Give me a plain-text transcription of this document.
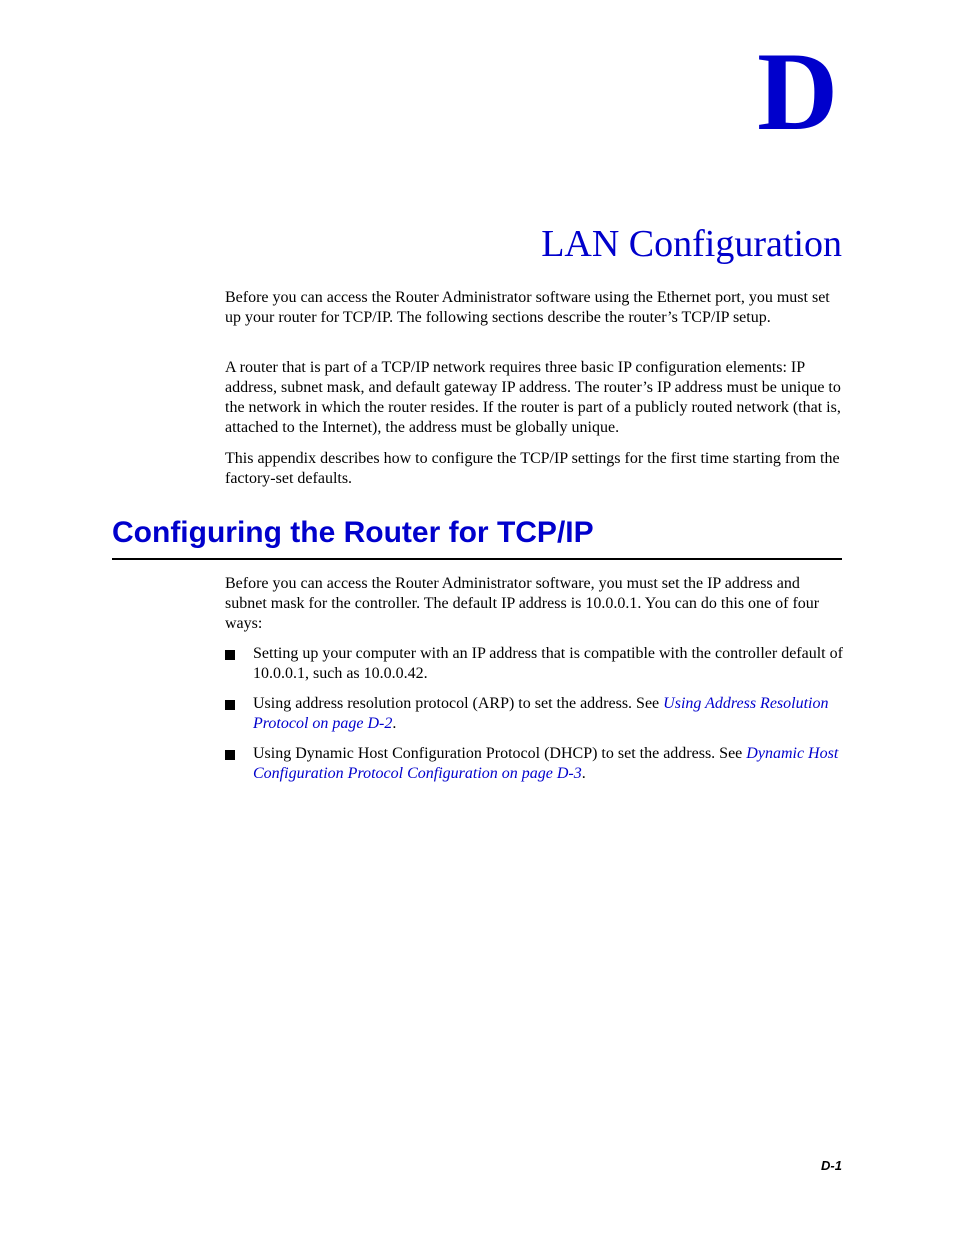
D
LAN Configuration

Before you can access the Router Administrator software using the Ethernet port, you must set up your router for TCP/IP. The following sections describe the router’s TCP/IP setup.

A router that is part of a TCP/IP network requires three basic IP configuration elements: IP address, subnet mask, and default gateway IP address. The router’s IP address must be unique to the network in which the router resides. If the router is part of a publicly routed network (that is, attached to the Internet), the address must be globally unique.

This appendix describes how to configure the TCP/IP settings for the first time starting from the factory-set defaults.

Configuring the Router for TCP/IP

Before you can access the Router Administrator software, you must set the IP address and subnet mask for the controller. The default IP address is 10.0.0.1. You can do this one of four ways:

Setting up your computer with an IP address that is compatible with the controller default of 10.0.0.1, such as 10.0.0.42.
Using address resolution protocol (ARP) to set the address. See Using Address Resolution Protocol on page D-2.
Using Dynamic Host Configuration Protocol (DHCP) to set the address. See Dynamic Host Configuration Protocol Configuration on page D-3.
D-1
